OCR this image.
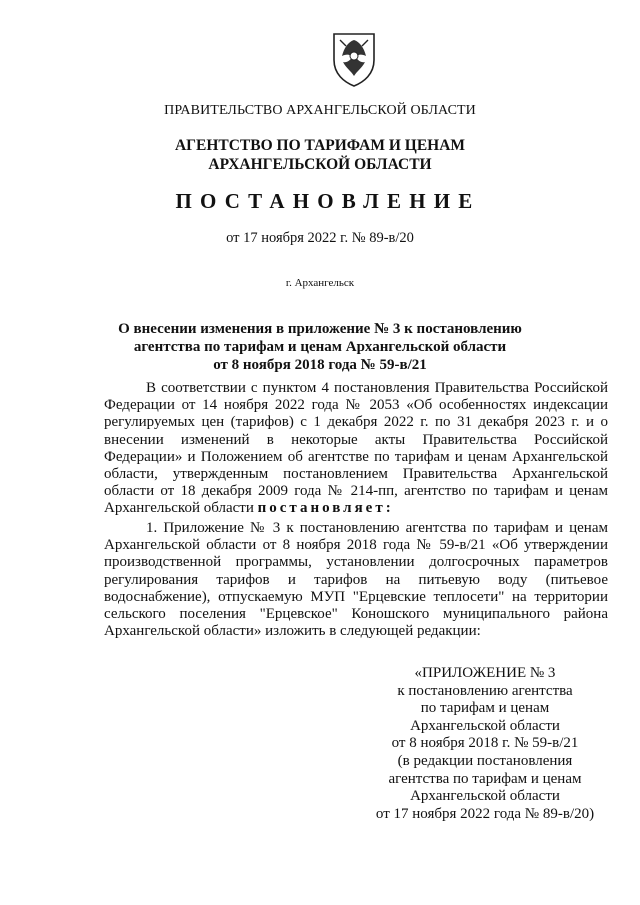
ПРАВИТЕЛЬСТВО АРХАНГЕЛЬСКОЙ ОБЛАСТИ
АГЕНТСТВО ПО ТАРИФАМ И ЦЕНАМ
АРХАНГЕЛЬСКОЙ ОБЛАСТИ
ПОСТАНОВЛЕНИЕ
от 17 ноября 2022 г. № 89-в/20
г. Архангельск
О внесении изменения в приложение № 3 к постановлению
агентства по тарифам и ценам Архангельской области
от 8 ноября 2018 года № 59-в/21
В соответствии с пунктом 4 постановления Правительства Российской Федерации от 14 ноября 2022 года № 2053 «Об особенностях индексации регулируемых цен (тарифов) с 1 декабря 2022 г. по 31 декабря 2023 г. и о внесении изменений в некоторые акты Правительства Российской Федерации» и Положением об агентстве по тарифам и ценам Архангельской области, утвержденным постановлением Правительства Архангельской области от 18 декабря 2009 года № 214-пп, агентство по тарифам и ценам Архангельской области постановляет:
1. Приложение № 3 к постановлению агентства по тарифам и ценам Архангельской области от 8 ноября 2018 года № 59-в/21 «Об утверждении производственной программы, установлении долгосрочных параметров регулирования тарифов и тарифов на питьевую воду (питьевое водоснабжение), отпускаемую МУП "Ерцевские теплосети" на территории сельского поселения "Ерцевское" Коношского муниципального района Архангельской области» изложить в следующей редакции:
«ПРИЛОЖЕНИЕ № 3
к постановлению агентства
по тарифам и ценам
Архангельской области
от 8 ноября 2018 г. № 59-в/21
(в редакции постановления
агентства по тарифам и ценам
Архангельской области
от 17 ноября 2022 года № 89-в/20)
